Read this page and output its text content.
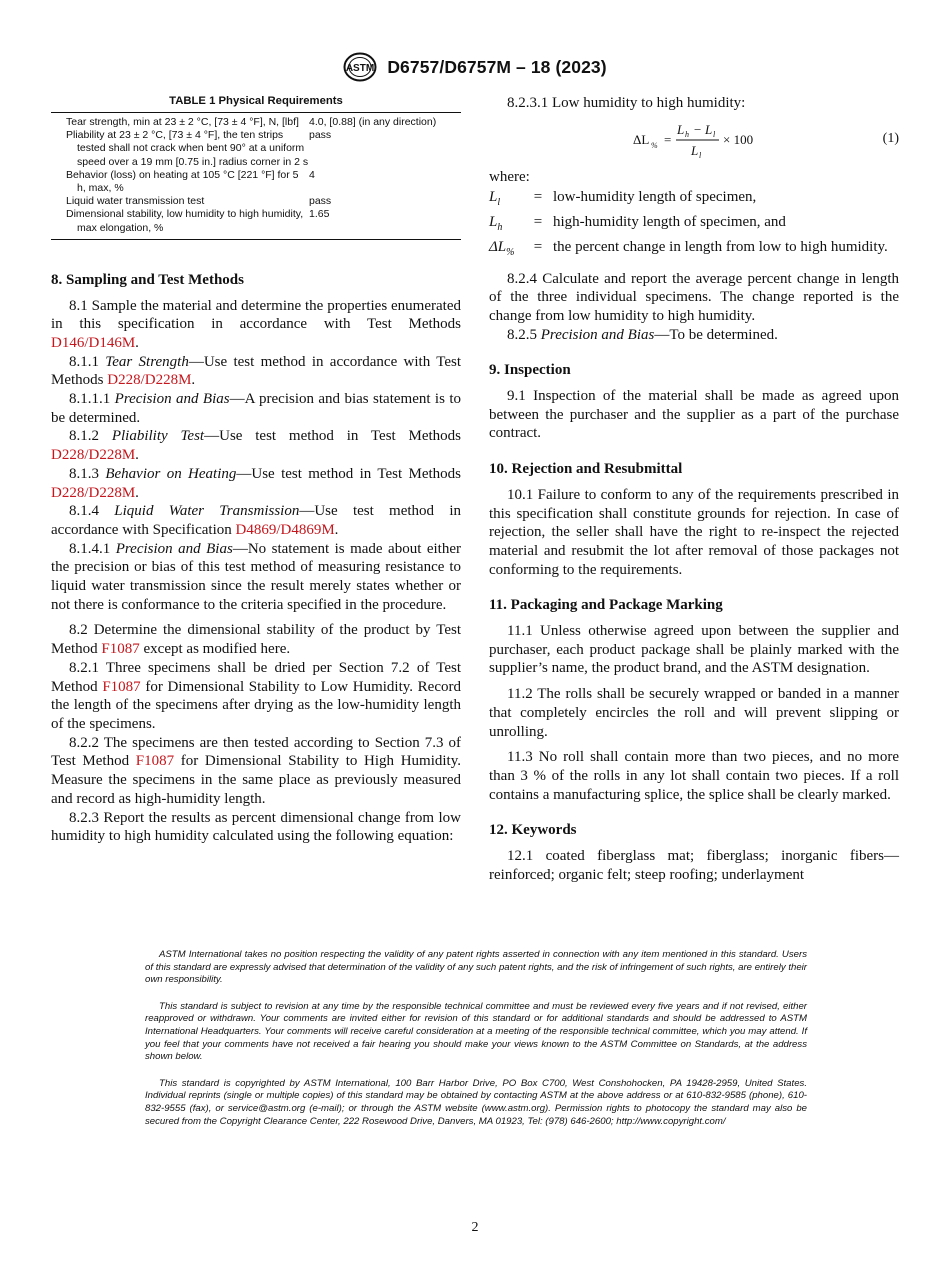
ASTM D6757/D6757M – 18 (2023)
TABLE 1 Physical Requirements
Tear strength, min at 23 ± 2 °C, [73 ± 4 °F], N, [lbf]	4.0, [0.88] (in any direction)

Pliability at 23 ± 2 °C, [73 ± 4 °F], the ten strips tested shall not crack when bent 90° at a uniform speed over a 19 mm [0.75 in.] radius corner in 2 s	pass

Behavior (loss) on heating at 105 °C [221 °F] for 5 h, max, %	4

Liquid water transmission test	pass

Dimensional stability, low humidity to high humidity, max elongation, %	1.65
8. Sampling and Test Methods

8.1 Sample the material and determine the properties enumerated in this specification in accordance with Test Methods D146/D146M.

8.1.1 Tear Strength—Use test method in accordance with Test Methods D228/D228M.

8.1.1.1 Precision and Bias—A precision and bias statement is to be determined.

8.1.2 Pliability Test—Use test method in Test Methods D228/D228M.

8.1.3 Behavior on Heating—Use test method in Test Methods D228/D228M.

8.1.4 Liquid Water Transmission—Use test method in accordance with Specification D4869/D4869M.

8.1.4.1 Precision and Bias—No statement is made about either the precision or bias of this test method of measuring resistance to liquid water transmission since the result merely states whether or not there is conformance to the criteria specified in the procedure.

8.2 Determine the dimensional stability of the product by Test Method F1087 except as modified here.

8.2.1 Three specimens shall be dried per Section 7.2 of Test Method F1087 for Dimensional Stability to Low Humidity. Record the length of the specimens after drying as the low-humidity length of the specimens.

8.2.2 The specimens are then tested according to Section 7.3 of Test Method F1087 for Dimensional Stability to High Humidity. Measure the specimens in the same place as previously measured and record as high-humidity length.

8.2.3 Report the results as percent dimensional change from low humidity to high humidity calculated using the following equation:

8.2.3.1 Low humidity to high humidity:

ΔL % =
L h − L l
L l
× 100	(1)

where:

$L_l$	= low-humidity length of specimen,
$L_h$	= high-humidity length of specimen, and
$\Delta L_{\%}$	= the percent change in length from low to high humidity.

8.2.4 Calculate and report the average percent change in length of the three individual specimens. The change reported is the change from low humidity to high humidity.

8.2.5 Precision and Bias—To be determined.

9. Inspection

9.1 Inspection of the material shall be made as agreed upon between the purchaser and the supplier as a part of the purchase contract.

10. Rejection and Resubmittal

10.1 Failure to conform to any of the requirements prescribed in this specification shall constitute grounds for rejection. In case of rejection, the seller shall have the right to re-inspect the rejected material and resubmit the lot after removal of those packages not conforming to the requirements.

11. Packaging and Package Marking

11.1 Unless otherwise agreed upon between the supplier and purchaser, each product package shall be plainly marked with the supplier’s name, the product brand, and the ASTM designation.

11.2 The rolls shall be securely wrapped or banded in a manner that completely encircles the roll and will prevent slipping or unrolling.

11.3 No roll shall contain more than two pieces, and no more than 3 % of the rolls in any lot shall contain two pieces. If a roll contains a manufacturing splice, the splice shall be clearly marked.

12. Keywords

12.1 coated fiberglass mat; fiberglass; inorganic fibers—reinforced; organic felt; steep roofing; underlayment

ASTM International takes no position respecting the validity of any patent rights asserted in connection with any item mentioned in this standard. Users of this standard are expressly advised that determination of the validity of any such patent rights, and the risk of infringement of such rights, are entirely their own responsibility.

This standard is subject to revision at any time by the responsible technical committee and must be reviewed every five years and if not revised, either reapproved or withdrawn. Your comments are invited either for revision of this standard or for additional standards and should be addressed to ASTM International Headquarters. Your comments will receive careful consideration at a meeting of the responsible technical committee, which you may attend. If you feel that your comments have not received a fair hearing you should make your views known to the ASTM Committee on Standards, at the address shown below.

This standard is copyrighted by ASTM International, 100 Barr Harbor Drive, PO Box C700, West Conshohocken, PA 19428-2959, United States. Individual reprints (single or multiple copies) of this standard may be obtained by contacting ASTM at the above address or at 610-832-9585 (phone), 610-832-9555 (fax), or service@astm.org (e-mail); or through the ASTM website (www.astm.org). Permission rights to photocopy the standard may also be secured from the Copyright Clearance Center, 222 Rosewood Drive, Danvers, MA 01923, Tel: (978) 646-2600; http://www.copyright.com/

2
